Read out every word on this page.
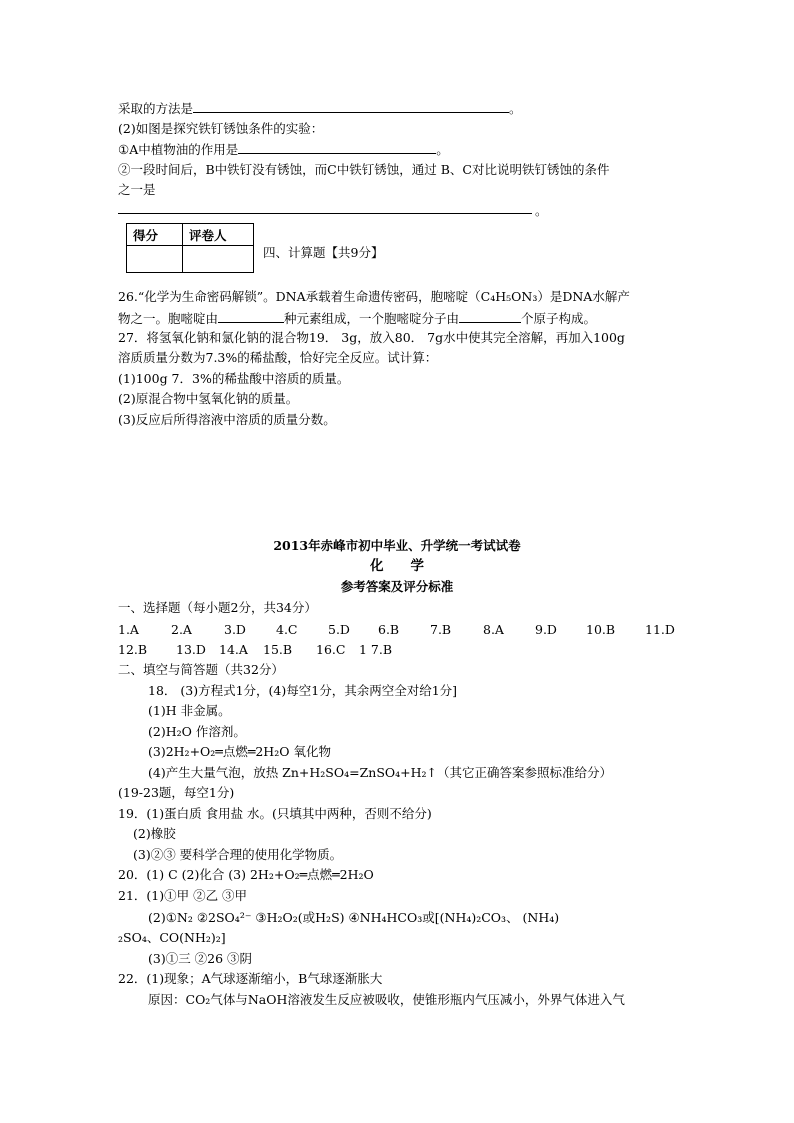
采取的方法是	。
(2)如图是探究铁钉锈蚀条件的实验：
①A中植物油的作用是	。
②一段时间后，B中铁钉没有锈蚀，而C中铁钉锈蚀，通过 B、C对比说明铁钉锈蚀的条件
之一是
。
得分	评卷人

四、计算题【共9分】
26.“化学为生命密码解锁”。DNA承载着生命遗传密码，胞嘧啶（C₄H₅ON₃）是DNA水解产
物之一。胞嘧啶由	种元素组成，一个胞嘧啶分子由	个原子构成。
27．将氢氧化钠和氯化钠的混合物19． 3g，放入80． 7g水中使其完全溶解，再加入100g
溶质质量分数为7.3%的稀盐酸，恰好完全反应。试计算：
(1)100g 7．3%的稀盐酸中溶质的质量。
(2)原混合物中氢氧化钠的质量。
(3)反应后所得溶液中溶质的质量分数。
2013年赤峰市初中毕业、升学统一考试试卷
化　　学
参考答案及评分标准
一、选择题（每小题2分，共34分）
1.A	2.A	3.D 4.C 5.D 6.B 7.B	8.A 9.D 10.B 11.D
12.B 13.D 14.A 15.B 16.C 1 7.B
二、填空与简答题（共32分）
18． (3)方程式1分，(4)每空1分，其余两空全对给1分]
(1)H 非金属。
(2)H₂O 作溶剂。
(3)2H₂+O₂═点燃═2H₂O 氧化物
(4)产生大量气泡，放热 Zn+H₂SO₄=ZnSO₄+H₂↑（其它正确答案参照标准给分）
(19-23题，每空1分)
19．(1)蛋白质 食用盐 水。(只填其中两种，否则不给分)
(2)橡胶
(3)②③ 要科学合理的使用化学物质。
20．(1) C (2)化合 (3) 2H₂+O₂═点燃═2H₂O
21．(1)①甲 ②乙 ③甲
(2)①N₂ ②2SO₄²⁻ ③H₂O₂(或H₂S) ④NH₄HCO₃或[(NH₄)₂CO₃、 (NH₄)
₂SO₄、CO(NH₂)₂]
(3)①三 ②26 ③阴
22．(1)现象；A气球逐渐缩小，B气球逐渐胀大
原因：CO₂气体与NaOH溶液发生反应被吸收，使锥形瓶内气压减小，外界气体进入气
